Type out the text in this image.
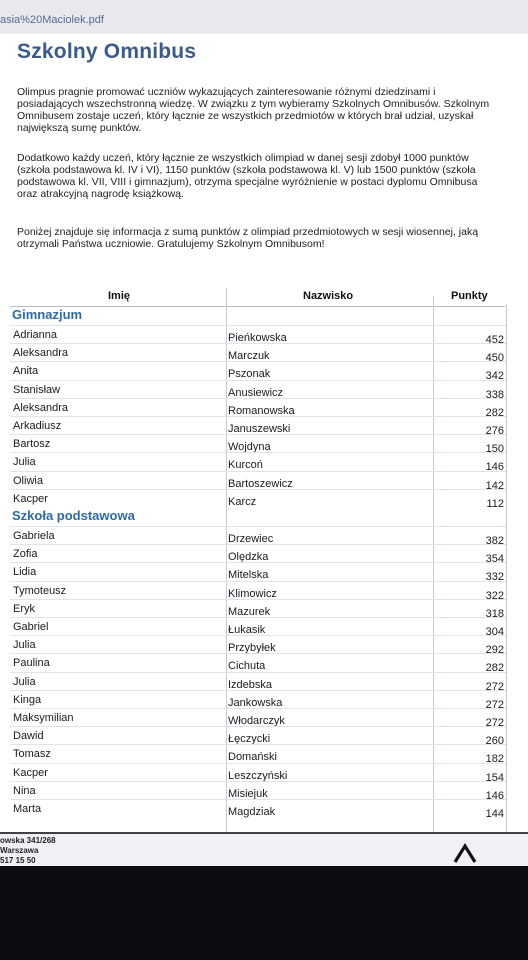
asia%20Maciolek.pdf
Szkolny Omnibus
Olimpus pragnie promować uczniów wykazujących zainteresowanie różnymi dziedzinami i posiadających wszechstronną wiedzę. W związku z tym wybieramy Szkolnych Omnibusów. Szkolnym Omnibusem zostaje uczeń, który łącznie ze wszystkich przedmiotów w których brał udział, uzyskał największą sumę punktów.
Dodatkowo każdy uczeń, który łącznie ze wszystkich olimpiad w danej sesji zdobył 1000 punktów (szkoła podstawowa kl. IV i VI), 1150 punktów (szkoła podstawowa kl. V) lub 1500 punktów (szkoła podstawowa kl. VII, VIII i gimnazjum), otrzyma specjalne wyróżnienie w postaci dyplomu Omnibusa oraz atrakcyjną nagrodę książkową.
Poniżej znajduje się informacja z sumą punktów z olimpiad przedmiotowych w sesji wiosennej, jaką otrzymali Państwa uczniowie. Gratulujemy Szkolnym Omnibusom!
Imię	Nazwisko	Punkty
Gimnazjum
Adrianna	Pieńkowska	452
Aleksandra	Marczuk	450
Anita	Pszonak	342
Stanisław	Anusiewicz	338
Aleksandra	Romanowska	282
Arkadiusz	Januszewski	276
Bartosz	Wojdyna	150
Julia	Kurcoń	146
Oliwia	Bartoszewicz	142
Kacper	Karcz	112
Szkoła podstawowa
Gabriela	Drzewiec	382
Zofia	Olędzka	354
Lidia	Mitelska	332
Tymoteusz	Klimowicz	322
Eryk	Mazurek	318
Gabriel	Łukasik	304
Julia	Przybyłek	292
Paulina	Cichuta	282
Julia	Izdebska	272
Kinga	Jankowska	272
Maksymilian	Włodarczyk	272
Dawid	Łęczycki	260
Tomasz	Domański	182
Kacper	Leszczyński	154
Nina	Misiejuk	146
Marta	Magdziak	144
owska 341/268
Warszawa
517 15 50
